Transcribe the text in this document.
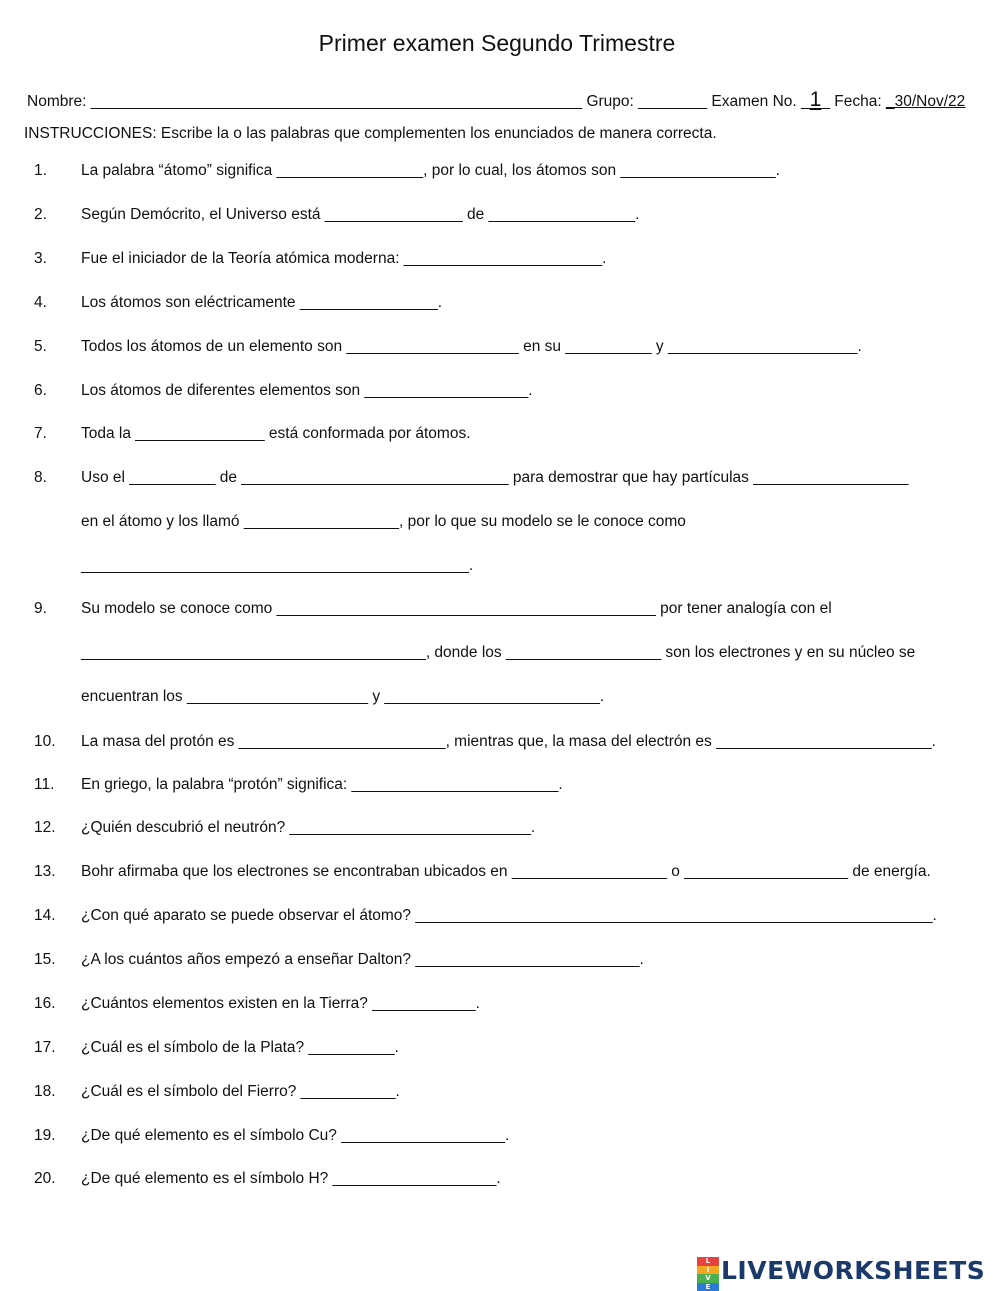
Primer examen Segundo Trimestre
Nombre: _________________________________________________________ Grupo: ________ Examen No. _1_ Fecha: _30/Nov/22
INSTRUCCIONES: Escribe la o las palabras que complementen los enunciados de manera correcta.
1. La palabra “átomo” significa _________________, por lo cual, los átomos son __________________.
2. Según Demócrito, el Universo está ________________ de _________________.
3. Fue el iniciador de la Teoría atómica moderna: _______________________.
4. Los átomos son eléctricamente ________________.
5. Todos los átomos de un elemento son ____________________ en su __________ y ______________________.
6. Los átomos de diferentes elementos son ___________________.
7. Toda la _______________ está conformada por átomos.
8. Uso el __________ de _______________________________ para demostrar que hay partículas __________________
en el átomo y los llamó __________________, por lo que su modelo se le conoce como
_____________________________________________.
9. Su modelo se conoce como ____________________________________________ por tener analogía con el
________________________________________, donde los __________________ son los electrones y en su núcleo se
encuentran los _____________________ y _________________________.
10. La masa del protón es ________________________, mientras que, la masa del electrón es _________________________.
11. En griego, la palabra “protón” significa: ________________________.
12. ¿Quién descubrió el neutrón? ____________________________.
13. Bohr afirmaba que los electrones se encontraban ubicados en __________________ o ___________________ de energía.
14. ¿Con qué aparato se puede observar el átomo? ____________________________________________________________.
15. ¿A los cuántos años empezó a enseñar Dalton? __________________________.
16. ¿Cuántos elementos existen en la Tierra? ____________.
17. ¿Cuál es el símbolo de la Plata? __________.
18. ¿Cuál es el símbolo del Fierro? ___________.
19. ¿De qué elemento es el símbolo Cu? ___________________.
20. ¿De qué elemento es el símbolo H? ___________________.
L
I
V
E
LIVEWORKSHEETS
